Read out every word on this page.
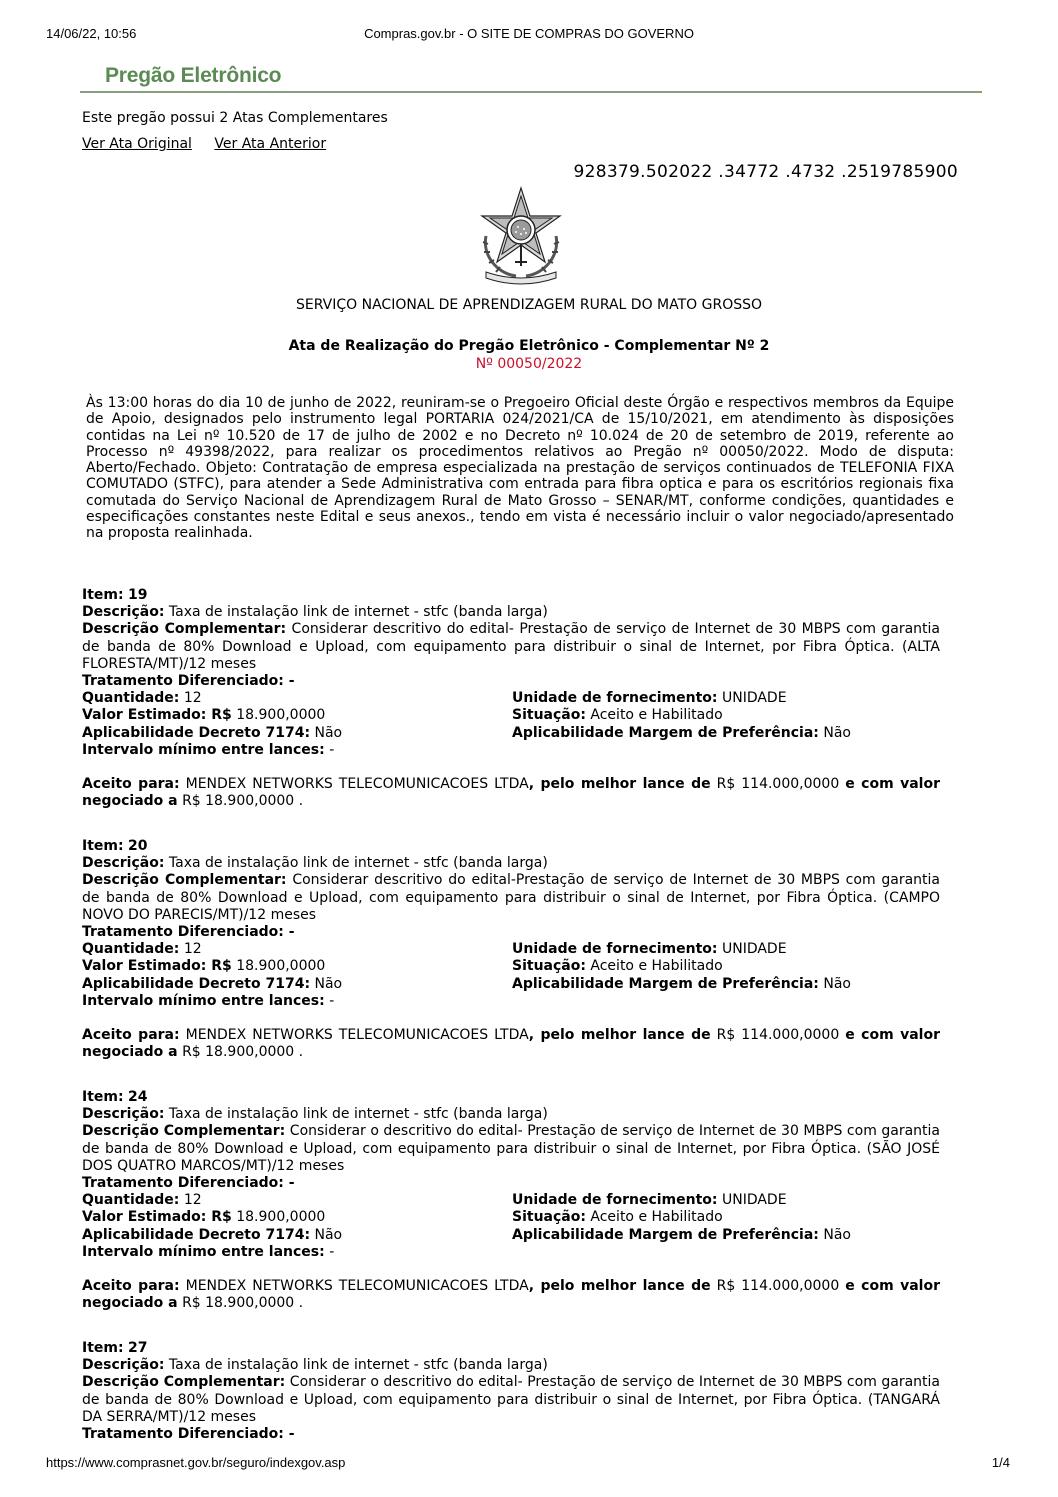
14/06/22, 10:56	Compras.gov.br - O SITE DE COMPRAS DO GOVERNO
Pregão Eletrônico
Este pregão possui 2 Atas Complementares
Ver Ata Original Ver Ata Anterior
928379.502022 .34772 .4732 .2519785900
SERVIÇO NACIONAL DE APRENDIZAGEM RURAL DO MATO GROSSO
Ata de Realização do Pregão Eletrônico - Complementar Nº 2
Nº 00050/2022

Às 13:00 horas do dia 10 de junho de 2022, reuniram-se o Pregoeiro Oficial deste Órgão e respectivos membros da Equipe de Apoio, designados pelo instrumento legal PORTARIA 024/2021/CA de 15/10/2021, em atendimento às disposições contidas na Lei nº 10.520 de 17 de julho de 2002 e no Decreto nº 10.024 de 20 de setembro de 2019, referente ao Processo nº 49398/2022, para realizar os procedimentos relativos ao Pregão nº 00050/2022. Modo de disputa: Aberto/Fechado. Objeto: Contratação de empresa especializada na prestação de serviços continuados de TELEFONIA FIXA COMUTADO (STFC), para atender a Sede Administrativa com entrada para fibra optica e para os escritórios regionais fixa comutada do Serviço Nacional de Aprendizagem Rural de Mato Grosso – SENAR/MT, conforme condições, quantidades e especificações constantes neste Edital e seus anexos., tendo em vista é necessário incluir o valor negociado/apresentado na proposta realinhada.

Item: 19
Descrição: Taxa de instalação link de internet - stfc (banda larga)
Descrição Complementar: Considerar descritivo do edital- Prestação de serviço de Internet de 30 MBPS com garantia de banda de 80% Download e Upload, com equipamento para distribuir o sinal de Internet, por Fibra Óptica. (ALTA FLORESTA/MT)/12 meses
Tratamento Diferenciado: -
Quantidade: 12	Unidade de fornecimento: UNIDADE
Valor Estimado: R$ 18.900,0000	Situação: Aceito e Habilitado
Aplicabilidade Decreto 7174: Não	Aplicabilidade Margem de Preferência: Não
Intervalo mínimo entre lances: -
Aceito para: MENDEX NETWORKS TELECOMUNICACOES LTDA, pelo melhor lance de R$ 114.000,0000 e com valor negociado a R$ 18.900,0000 .
Item: 20
Descrição: Taxa de instalação link de internet - stfc (banda larga)
Descrição Complementar: Considerar descritivo do edital-Prestação de serviço de Internet de 30 MBPS com garantia de banda de 80% Download e Upload, com equipamento para distribuir o sinal de Internet, por Fibra Óptica. (CAMPO NOVO DO PARECIS/MT)/12 meses
Tratamento Diferenciado: -
Quantidade: 12	Unidade de fornecimento: UNIDADE
Valor Estimado: R$ 18.900,0000	Situação: Aceito e Habilitado
Aplicabilidade Decreto 7174: Não	Aplicabilidade Margem de Preferência: Não
Intervalo mínimo entre lances: -
Aceito para: MENDEX NETWORKS TELECOMUNICACOES LTDA, pelo melhor lance de R$ 114.000,0000 e com valor negociado a R$ 18.900,0000 .
Item: 24
Descrição: Taxa de instalação link de internet - stfc (banda larga)
Descrição Complementar: Considerar o descritivo do edital- Prestação de serviço de Internet de 30 MBPS com garantia de banda de 80% Download e Upload, com equipamento para distribuir o sinal de Internet, por Fibra Óptica. (SÃO JOSÉ DOS QUATRO MARCOS/MT)/12 meses
Tratamento Diferenciado: -
Quantidade: 12	Unidade de fornecimento: UNIDADE
Valor Estimado: R$ 18.900,0000	Situação: Aceito e Habilitado
Aplicabilidade Decreto 7174: Não	Aplicabilidade Margem de Preferência: Não
Intervalo mínimo entre lances: -
Aceito para: MENDEX NETWORKS TELECOMUNICACOES LTDA, pelo melhor lance de R$ 114.000,0000 e com valor negociado a R$ 18.900,0000 .
Item: 27
Descrição: Taxa de instalação link de internet - stfc (banda larga)
Descrição Complementar: Considerar o descritivo do edital- Prestação de serviço de Internet de 30 MBPS com garantia de banda de 80% Download e Upload, com equipamento para distribuir o sinal de Internet, por Fibra Óptica. (TANGARÁ DA SERRA/MT)/12 meses
Tratamento Diferenciado: -
https://www.comprasnet.gov.br/seguro/indexgov.asp	1/4
